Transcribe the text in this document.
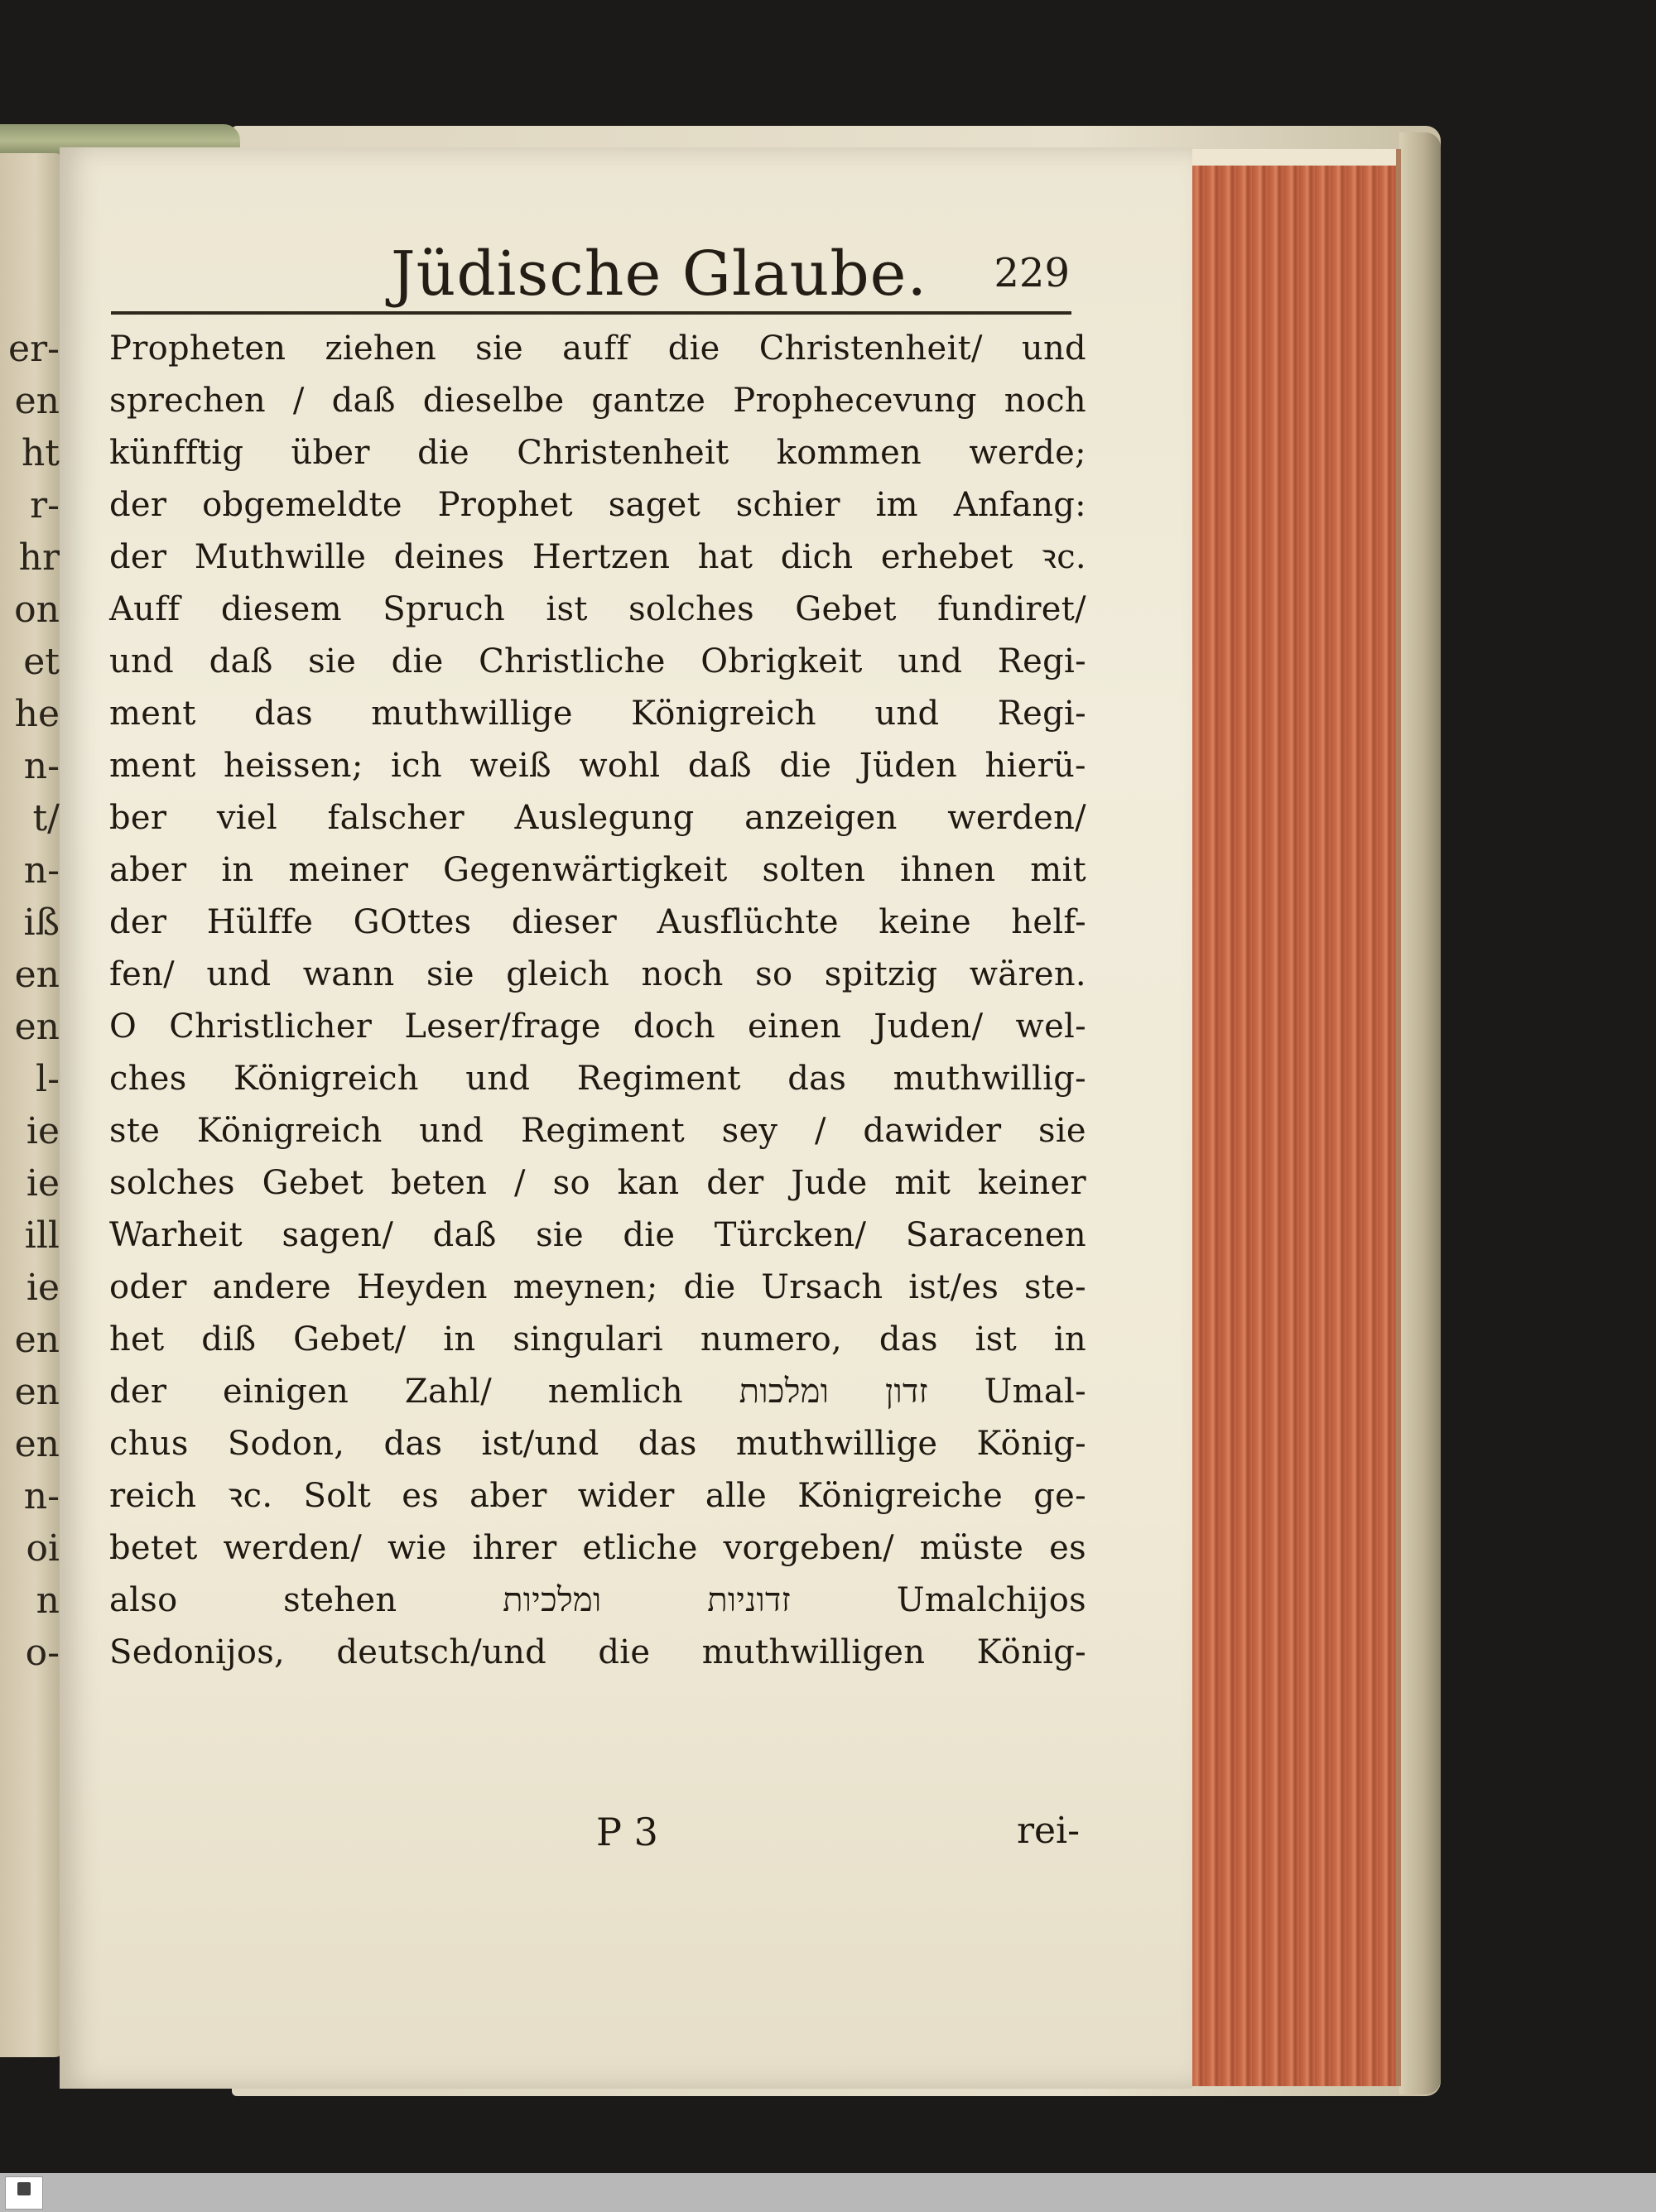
er-
en
ht
r-
hr
on
et
he
n-
t/
n-
iß
en
en
l-
ie
ie
ill
ie
en
en
en
n-
oi
n
o-
Jüdische Glaube. 229
Propheten ziehen sie auff die Christenheit/ und
sprechen / daß dieselbe gantze Prophecevung noch
künfftig über die Christenheit kommen werde;
der obgemeldte Prophet saget schier im Anfang:
der Muthwille deines Hertzen hat dich erhebet ꝛc.
Auff diesem Spruch ist solches Gebet fundiret/
und daß sie die Christliche Obrigkeit und Regi-
ment das muthwillige Königreich und Regi-
ment heissen; ich weiß wohl daß die Jüden hierü-
ber viel falscher Auslegung anzeigen werden/
aber in meiner Gegenwärtigkeit solten ihnen mit
der Hülffe GOttes dieser Ausflüchte keine helf-
fen/ und wann sie gleich noch so spitzig wären.
O Christlicher Leser/frage doch einen Juden/ wel-
ches Königreich und Regiment das muthwillig-
ste Königreich und Regiment sey / dawider sie
solches Gebet beten / so kan der Jude mit keiner
Warheit sagen/ daß sie die Türcken/ Saracenen
oder andere Heyden meynen; die Ursach ist/es ste-
het diß Gebet/ in singulari numero, das ist in
der einigen Zahl/ nemlich ומלכות זדון Umal-
chus Sodon, das ist/und das muthwillige König-
reich ꝛc. Solt es aber wider alle Königreiche ge-
betet werden/ wie ihrer etliche vorgeben/ müste es
also	stehen	ומלכיות	זדוניות	Umalchijos
Sedonijos, deutsch/und die muthwilligen König-
P 3	rei-
